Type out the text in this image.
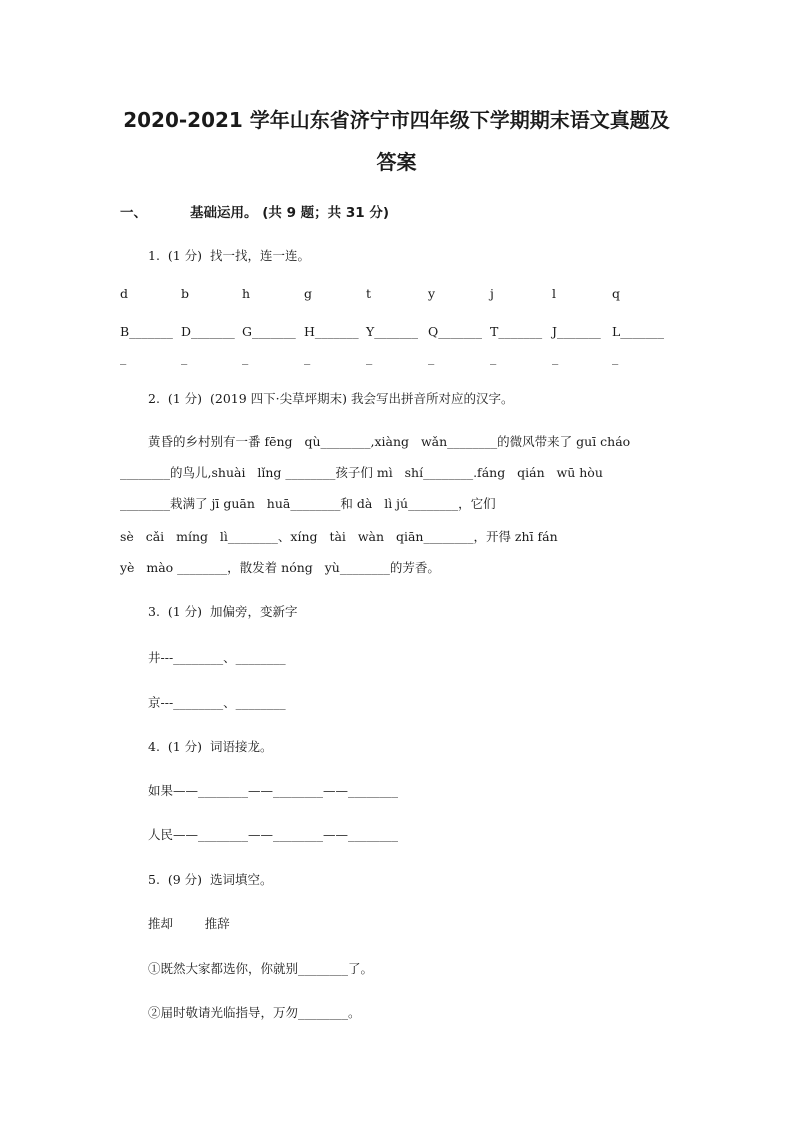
2020-2021 学年山东省济宁市四年级下学期期末语文真题及
答案
一、	基础运用。 (共 9 题；共 31 分)
1.  (1 分)  找一找，连一连。
d	b	h	g	t	y	j	l	q
B_______ D_______ G_______ H_______ Y_______ Q_______ T_______ J_______ L_______
_	_	_	_	_	_	_	_	_
2.  (1 分)  (2019 四下·尖草坪期末) 我会写出拼音所对应的汉字。
黄昏的乡村别有一番 fēng   qù________,xiàng   wǎn________的微风带来了 guī cháo
________的鸟儿,shuài   lǐng ________孩子们 mì   shí________.fáng   qián   wū hòu
________栽满了 jī guān   huā________和 dà   lì jú________，它们
sè   cǎi   míng   lì________、xíng   tài   wàn   qiān________，开得 zhī fán
yè   mào ________，散发着 nóng   yù________的芳香。
3.  (1 分)  加偏旁，变新字
井---________、________
京---________、________
4.  (1 分)  词语接龙。
如果——________——________——________
人民——________——________——________
5.  (9 分)  选词填空。
推却        推辞
①既然大家都选你，你就别________了。
②届时敬请光临指导，万勿________。
